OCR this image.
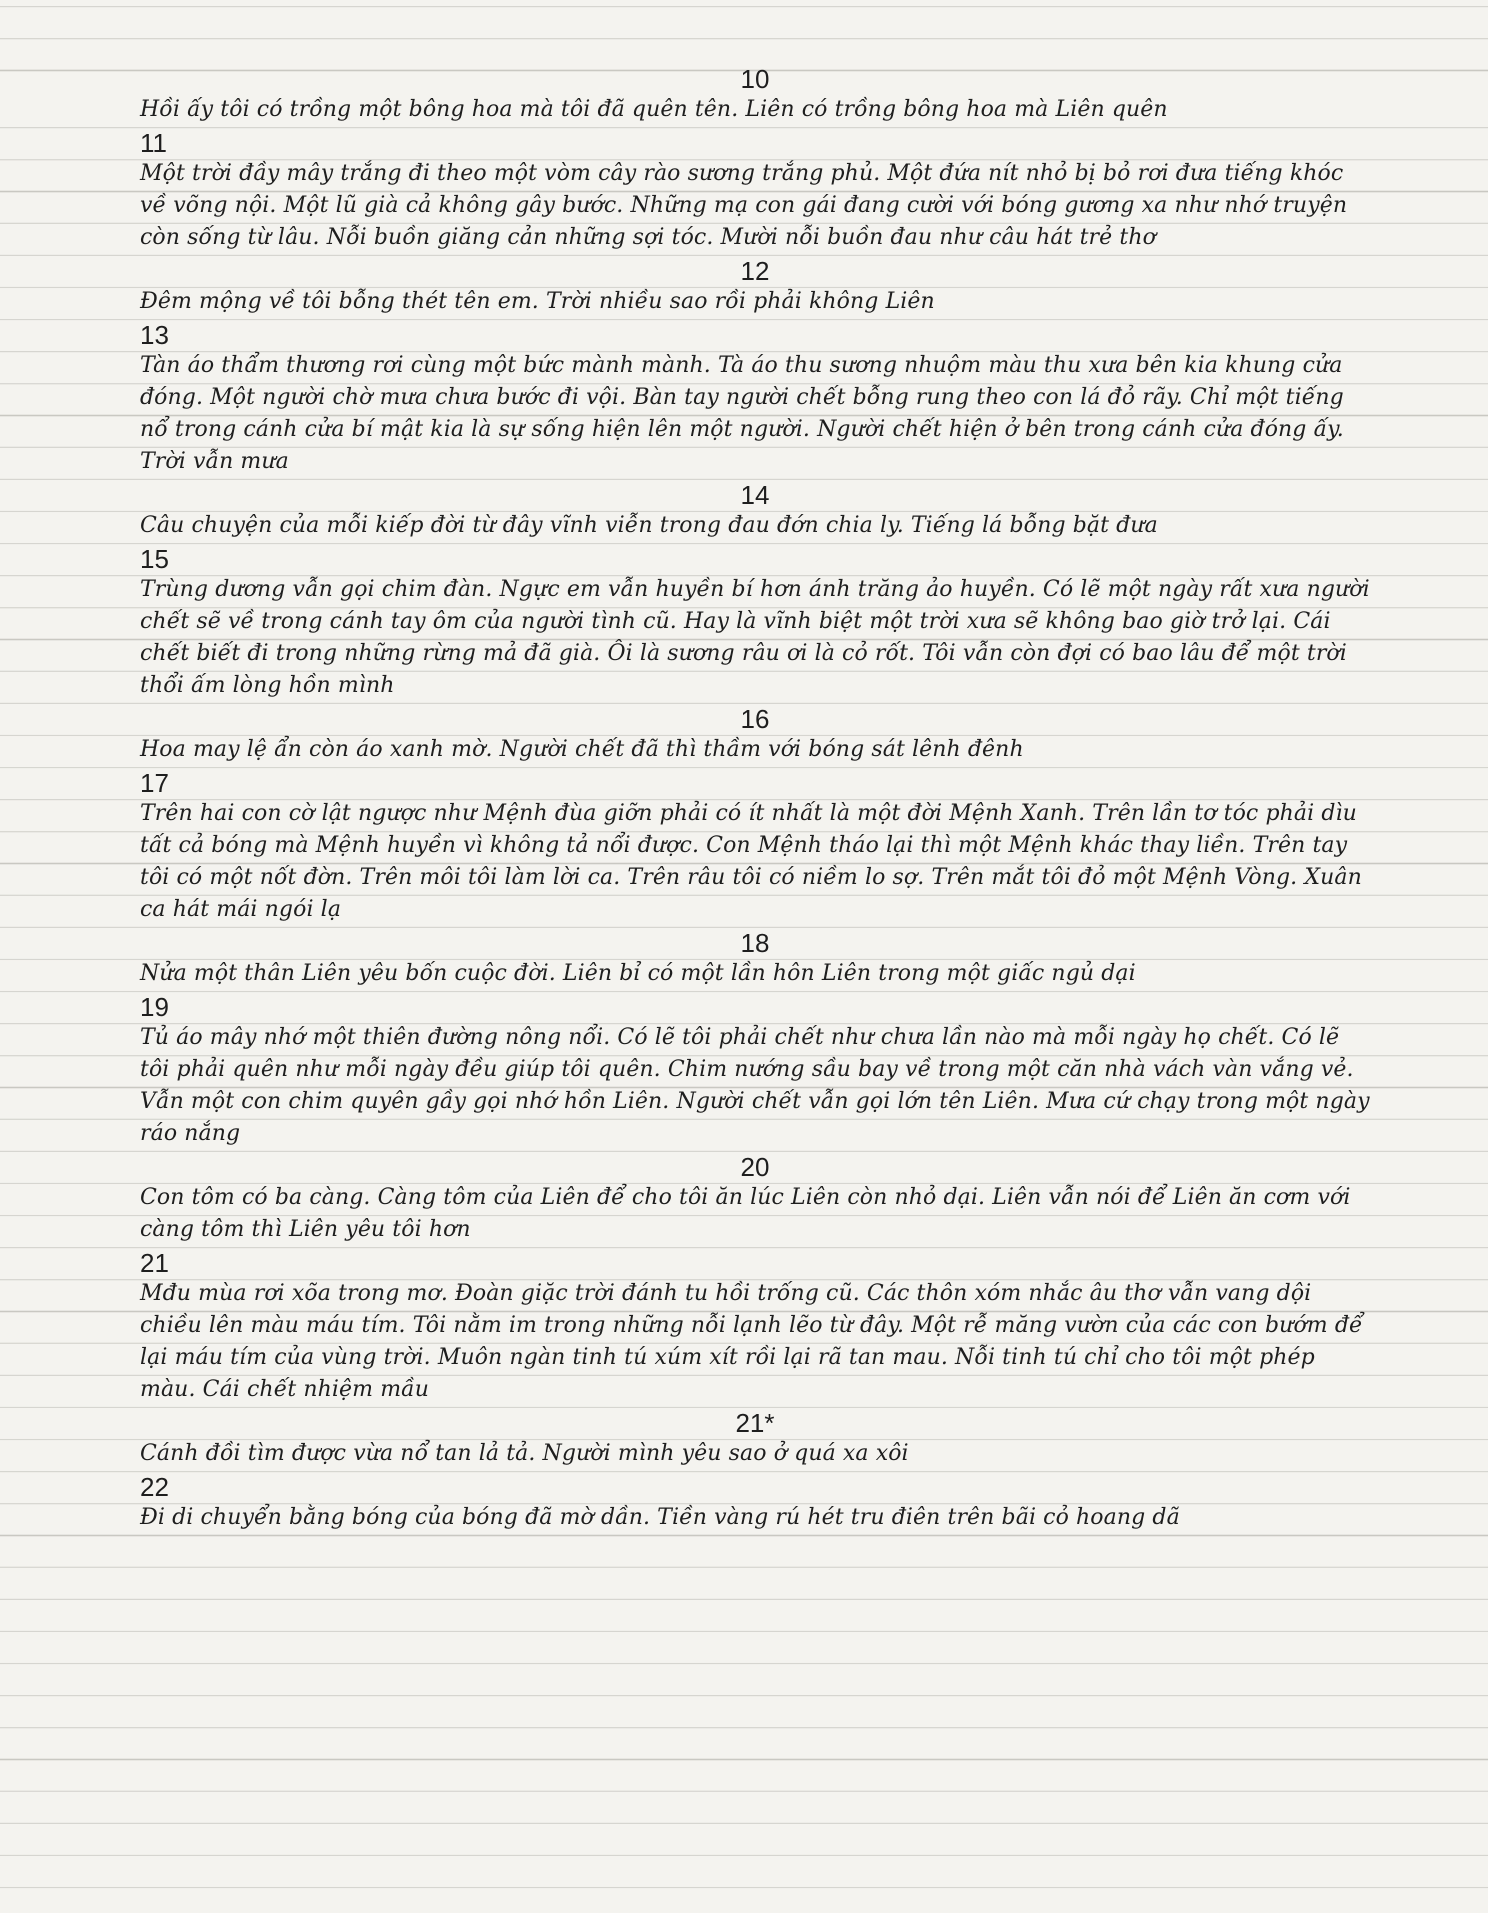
10

Hồi ấy tôi có trồng một bông hoa mà tôi đã quên tên. Liên có trồng bông hoa mà Liên quên

11

Một trời đầy mây trắng đi theo một vòm cây rào sương trắng phủ. Một đứa nít nhỏ bị bỏ rơi đưa tiếng khóc về võng nội. Một lũ già cả không gây bước. Những mạ con gái đang cười với bóng gương xa như nhớ truyện còn sống từ lâu. Nỗi buồn giăng cản những sợi tóc. Mười nỗi buồn đau như câu hát trẻ thơ

12

Đêm mộng về tôi bỗng thét tên em. Trời nhiều sao rồi phải không Liên

13

Tàn áo thẩm thương rơi cùng một bức mành mành. Tà áo thu sương nhuộm màu thu xưa bên kia khung cửa đóng. Một người chờ mưa chưa bước đi vội. Bàn tay người chết bỗng rung theo con lá đỏ rãy. Chỉ một tiếng nổ trong cánh cửa bí mật kia là sự sống hiện lên một người. Người chết hiện ở bên trong cánh cửa đóng ấy. Trời vẫn mưa

14

Câu chuyện của mỗi kiếp đời từ đây vĩnh viễn trong đau đớn chia ly. Tiếng lá bỗng bặt đưa

15

Trùng dương vẫn gọi chim đàn. Ngực em vẫn huyền bí hơn ánh trăng ảo huyền. Có lẽ một ngày rất xưa người chết sẽ về trong cánh tay ôm của người tình cũ. Hay là vĩnh biệt một trời xưa sẽ không bao giờ trở lại. Cái chết biết đi trong những rừng mả đã già. Ôi là sương râu ơi là cỏ rốt. Tôi vẫn còn đợi có bao lâu để một trời thổi ấm lòng hồn mình

16

Hoa may lệ ẩn còn áo xanh mờ. Người chết đã thì thầm với bóng sát lênh đênh

17

Trên hai con cờ lật ngược như Mệnh đùa giỡn phải có ít nhất là một đời Mệnh Xanh. Trên lần tơ tóc phải dìu tất cả bóng mà Mệnh huyền vì không tả nổi được. Con Mệnh tháo lại thì một Mệnh khác thay liền. Trên tay tôi có một nốt đờn. Trên môi tôi làm lời ca. Trên râu tôi có niềm lo sợ. Trên mắt tôi đỏ một Mệnh Vòng. Xuân ca hát mái ngói lạ

18

Nửa một thân Liên yêu bốn cuộc đời. Liên bỉ có một lần hôn Liên trong một giấc ngủ dại

19

Tủ áo mây nhớ một thiên đường nông nổi. Có lẽ tôi phải chết như chưa lần nào mà mỗi ngày họ chết. Có lẽ tôi phải quên như mỗi ngày đều giúp tôi quên. Chim nướng sầu bay về trong một căn nhà vách vàn vắng vẻ. Vẫn một con chim quyên gầy gọi nhớ hồn Liên. Người chết vẫn gọi lớn tên Liên. Mưa cứ chạy trong một ngày ráo nắng

20

Con tôm có ba càng. Càng tôm của Liên để cho tôi ăn lúc Liên còn nhỏ dại. Liên vẫn nói để Liên ăn cơm với càng tôm thì Liên yêu tôi hơn

21

Mđu mùa rơi xõa trong mơ. Đoàn giặc trời đánh tu hồi trống cũ. Các thôn xóm nhắc âu thơ vẫn vang dội chiều lên màu máu tím. Tôi nằm im trong những nỗi lạnh lẽo từ đây. Một rễ măng vườn của các con bướm để lại máu tím của vùng trời. Muôn ngàn tinh tú xúm xít rồi lại rã tan mau. Nỗi tinh tú chỉ cho tôi một phép màu. Cái chết nhiệm mầu

21*

Cánh đồi tìm được vừa nổ tan lả tả. Người mình yêu sao ở quá xa xôi

22

Đi di chuyển bằng bóng của bóng đã mờ dần. Tiền vàng rú hét tru điên trên bãi cỏ hoang dã
